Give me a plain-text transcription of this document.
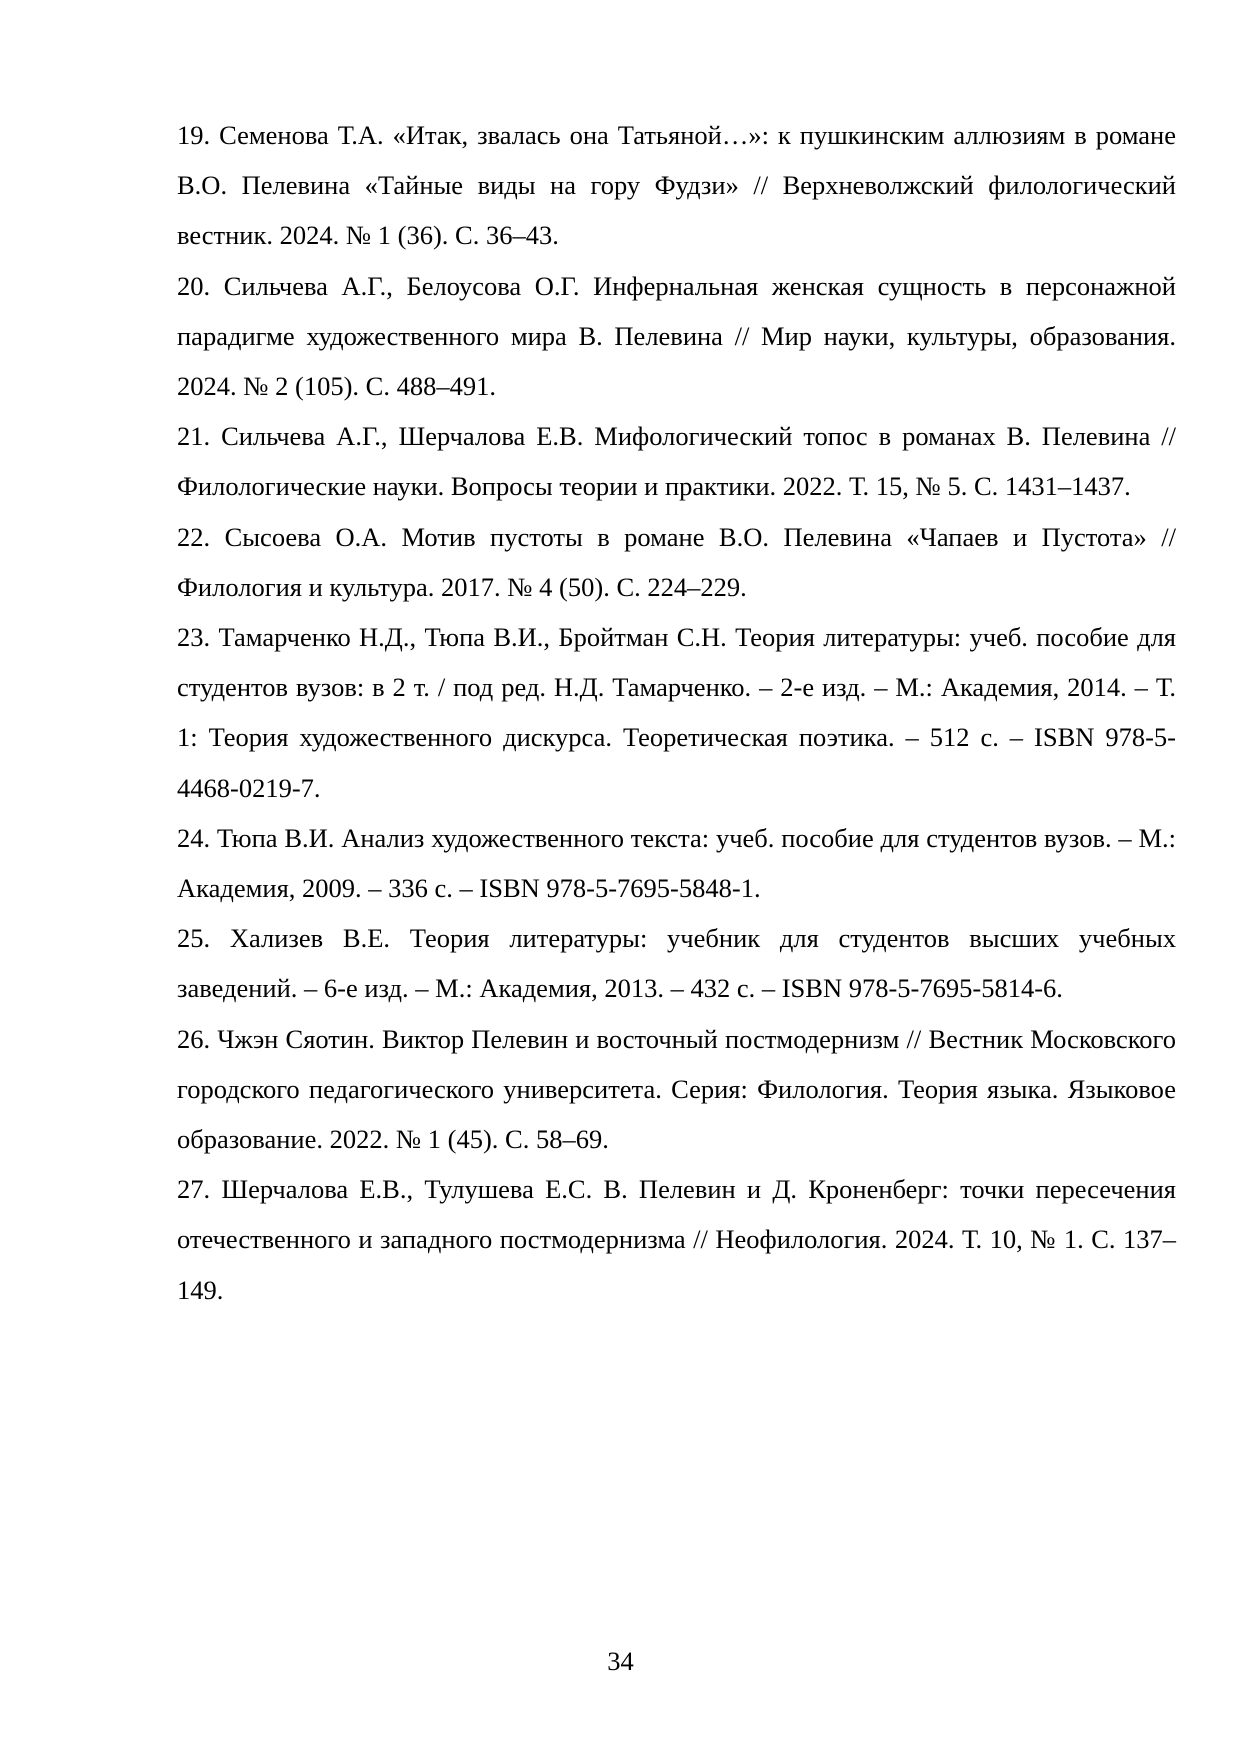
19. Семенова Т.А. «Итак, звалась она Татьяной…»: к пушкинским аллюзиям в романе В.О. Пелевина «Тайные виды на гору Фудзи» // Верхневолжский филологический вестник. 2024. № 1 (36). С. 36–43.

20. Сильчева А.Г., Белоусова О.Г. Инфернальная женская сущность в персонажной парадигме художественного мира В. Пелевина // Мир науки, культуры, образования. 2024. № 2 (105). С. 488–491.

21. Сильчева А.Г., Шерчалова Е.В. Мифологический топос в романах В. Пелевина // Филологические науки. Вопросы теории и практики. 2022. Т. 15, № 5. С. 1431–1437.

22. Сысоева О.А. Мотив пустоты в романе В.О. Пелевина «Чапаев и Пустота» // Филология и культура. 2017. № 4 (50). С. 224–229.

23. Тамарченко Н.Д., Тюпа В.И., Бройтман С.Н. Теория литературы: учеб. пособие для студентов вузов: в 2 т. / под ред. Н.Д. Тамарченко. – 2-е изд. – М.: Академия, 2014. – Т. 1: Теория художественного дискурса. Теоретическая поэтика. – 512 с. – ISBN 978-5-4468-0219-7.

24. Тюпа В.И. Анализ художественного текста: учеб. пособие для студентов вузов. – М.: Академия, 2009. – 336 с. – ISBN 978-5-7695-5848-1.

25. Хализев В.Е. Теория литературы: учебник для студентов высших учебных заведений. – 6-е изд. – М.: Академия, 2013. – 432 с. – ISBN 978-5-7695-5814-6.

26. Чжэн Сяотин. Виктор Пелевин и восточный постмодернизм // Вестник Московского городского педагогического университета. Серия: Филология. Теория языка. Языковое образование. 2022. № 1 (45). С. 58–69.

27. Шерчалова Е.В., Тулушева Е.С. В. Пелевин и Д. Кроненберг: точки пересечения отечественного и западного постмодернизма // Неофилология. 2024. Т. 10, № 1. С. 137–149.

34
